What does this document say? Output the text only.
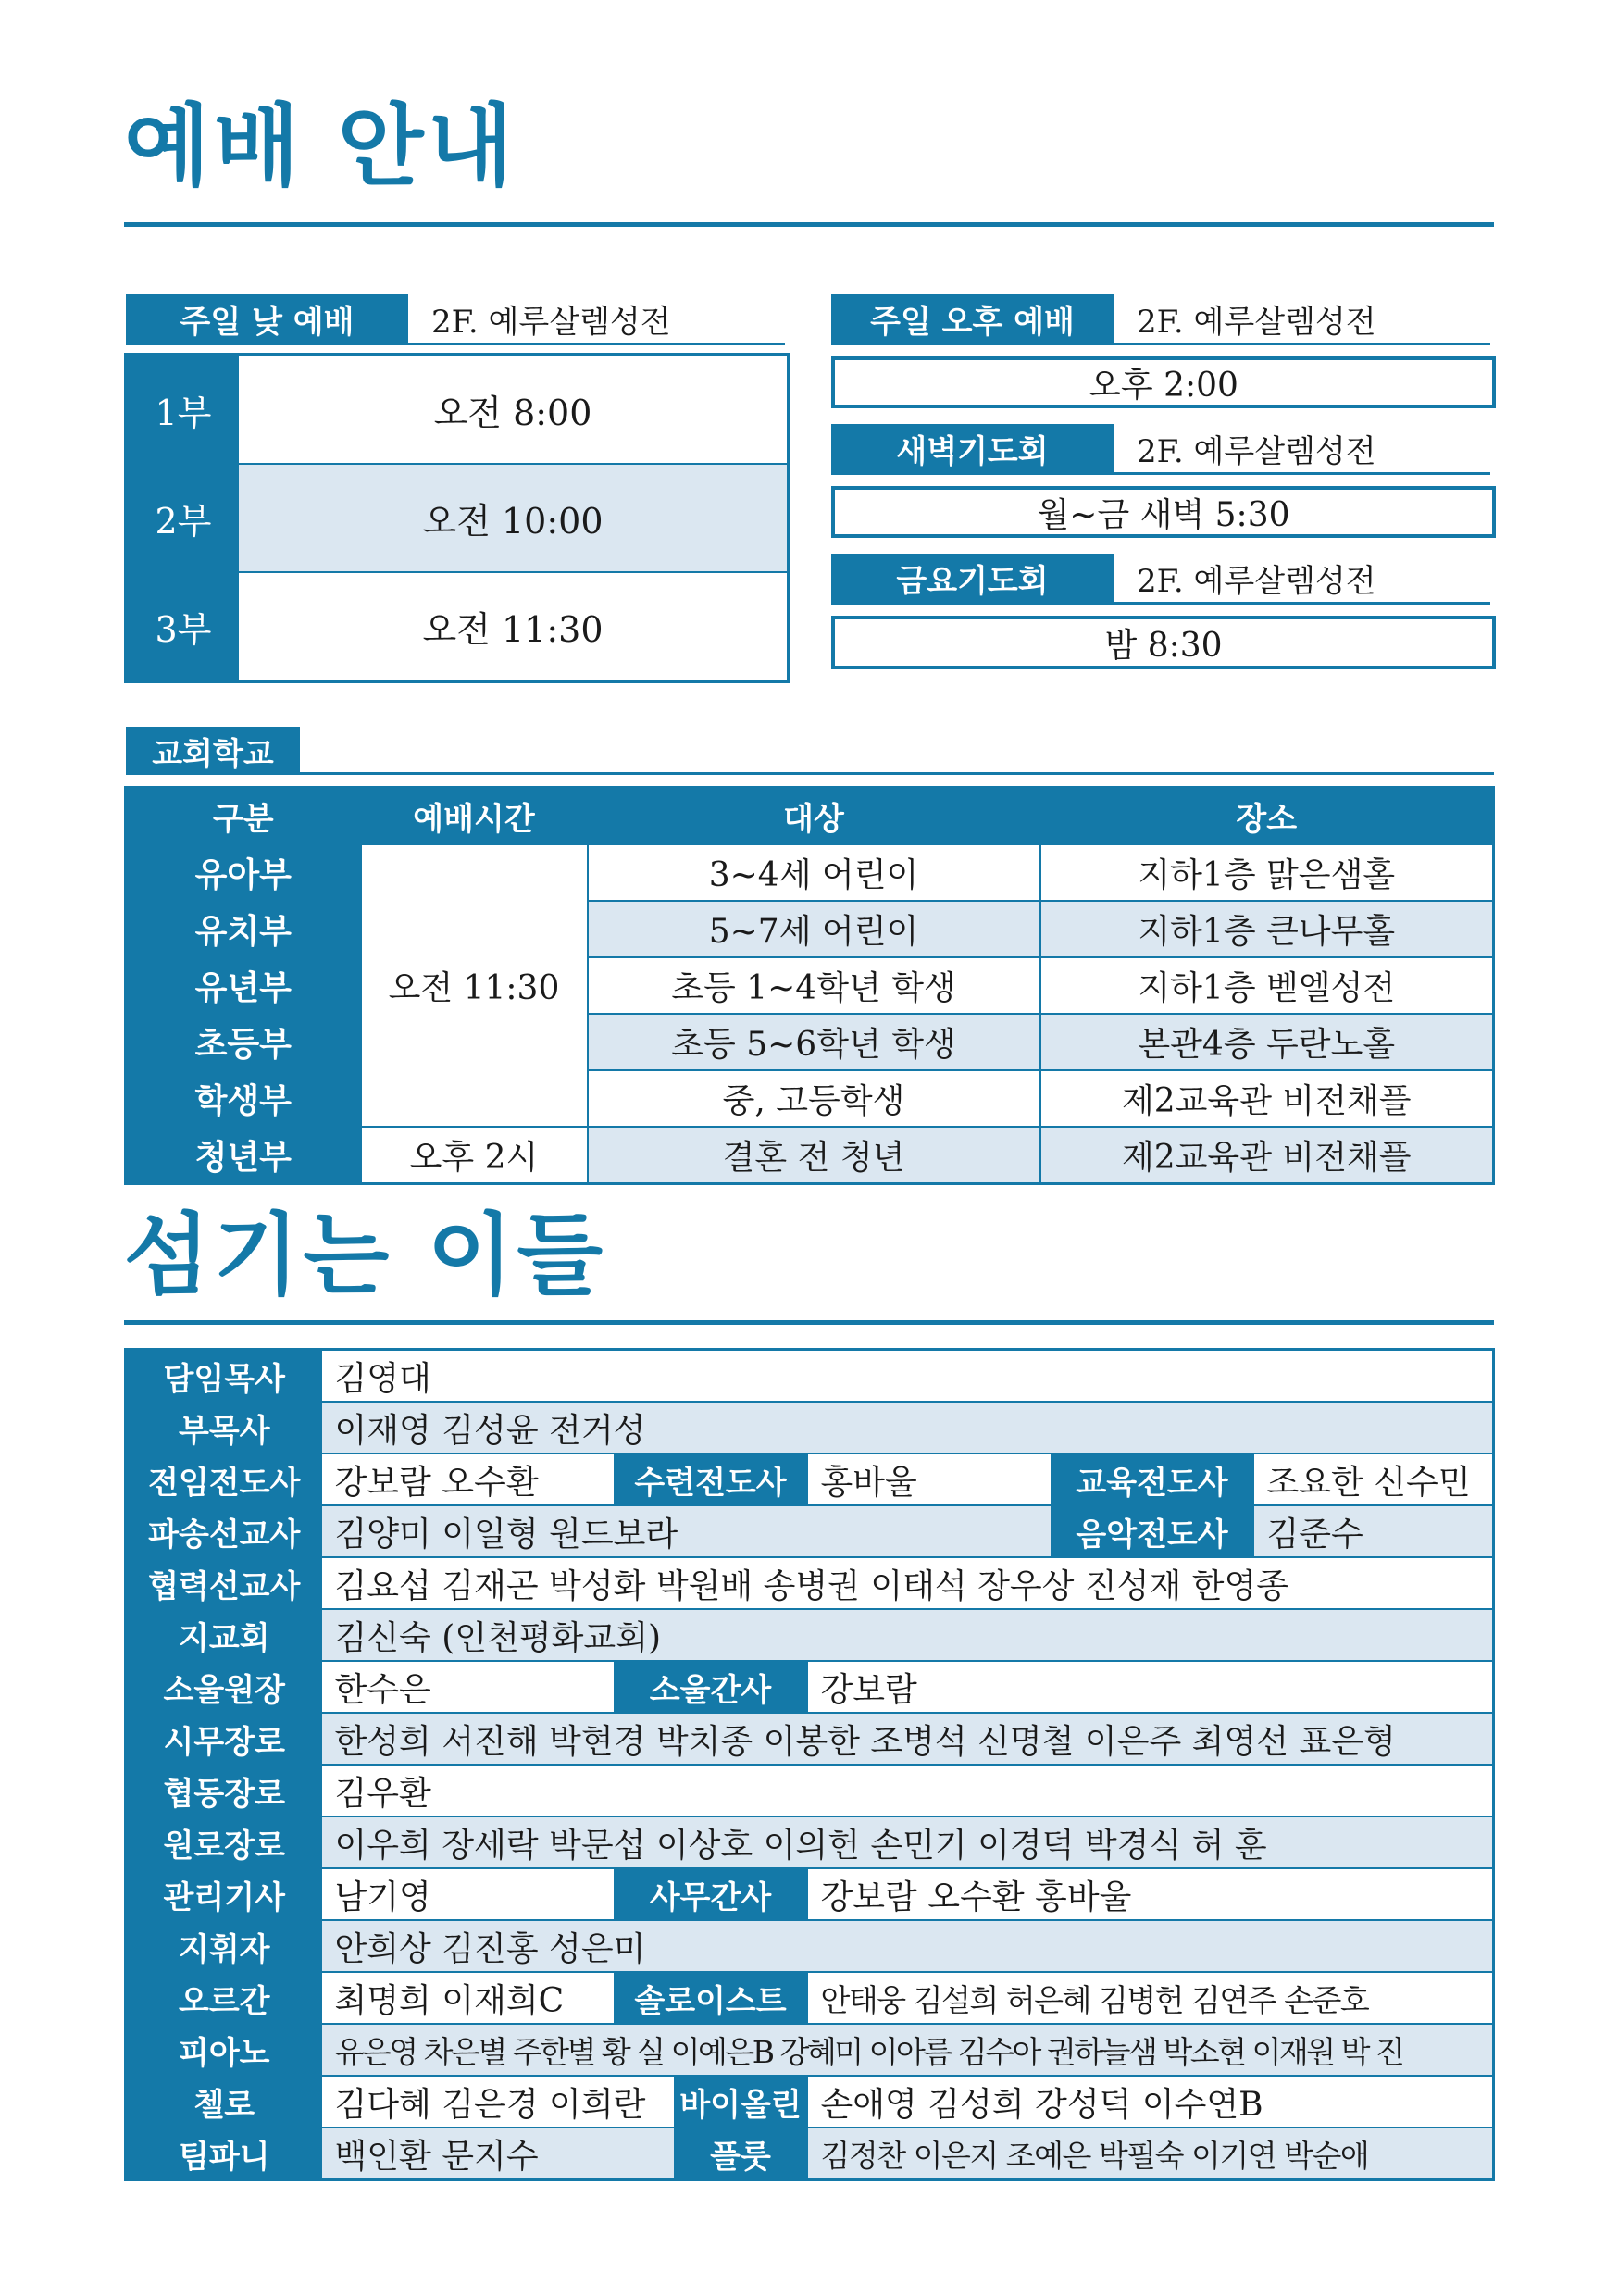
예배 안내
주일 낮 예배	2F. 예루살렘성전
1부	오전 8:00
2부	오전 10:00
3부	오전 11:30
주일 오후 예배	2F. 예루살렘성전
오후 2:00
새벽기도회	2F. 예루살렘성전
월~금 새벽 5:30
금요기도회	2F. 예루살렘성전
밤 8:30
교회학교
구분	예배시간	대상	장소
유아부	오전 11:30	3~4세 어린이	지하1층 맑은샘홀
유치부		5~7세 어린이	지하1층 큰나무홀
유년부		초등 1~4학년 학생	지하1층 벧엘성전
초등부		초등 5~6학년 학생	본관4층 두란노홀
학생부		중, 고등학생	제2교육관 비전채플
청년부	오후 2시	결혼 전 청년	제2교육관 비전채플
섬기는 이들
담임목사	김영대					
부목사	이재영 김성윤 전거성					
전임전도사	강보람 오수환	수련전도사		홍바울	교육전도사	조요한 신수민
파송선교사	김양미 이일형 원드보라				음악전도사	김준수
협력선교사	김요섭 김재곤 박성화 박원배 송병권 이태석 장우상 진성재 한영종					
지교회	김신숙 (인천평화교회)					
소울원장	한수은	소울간사		강보람		
시무장로	한성희 서진해 박현경 박치종 이봉한 조병석 신명철 이은주 최영선 표은형					
협동장로	김우환					
원로장로	이우희 장세락 박문섭 이상호 이의헌 손민기 이경덕 박경식 허 훈					
관리기사	남기영	사무간사		강보람 오수환 홍바울		
지휘자	안희상 김진홍 성은미					
오르간	최명희 이재희C	솔로이스트		안태웅 김설희 허은혜 김병헌 김연주 손준호		
피아노	유은영 차은별 주한별 황 실 이예은B 강혜미 이아름 김수아 권하늘샘 박소현 이재원 박 진					
첼로	김다혜 김은경 이희란		바이올린	손애영 김성희 강성덕 이수연B		
팀파니	백인환 문지수		플룻	김정찬 이은지 조예은 박필숙 이기연 박순애		
